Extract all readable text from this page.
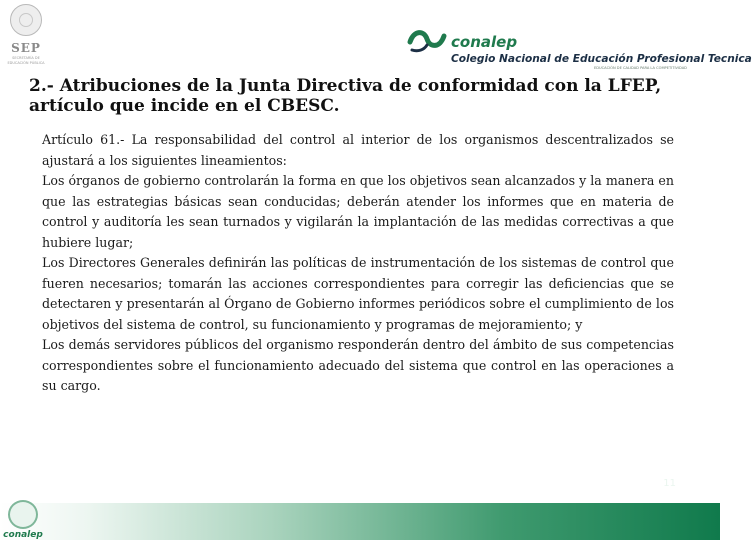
SEP
SECRETARÍA DE EDUCACIÓN PÚBLICA
conalep
Colegio Nacional de Educación Profesional Tecnica
EDUCACIÓN DE CALIDAD PARA LA COMPETITIVIDAD
2.- Atribuciones de la Junta Directiva de conformidad con la LFEP,
artículo que incide en el CBESC.

Artículo 61.- La responsabilidad del control al interior de los organismos descentralizados se ajustará a los siguientes lineamientos:

Los órganos de gobierno controlarán la forma en que los objetivos sean alcanzados y la manera en que las estrategias básicas sean conducidas; deberán atender los informes que en materia de control y auditoría les sean turnados y vigilarán la implantación de las medidas correctivas a que hubiere lugar;

Los Directores Generales definirán las políticas de instrumentación de los sistemas de control que fueren necesarios; tomarán las acciones correspondientes para corregir las deficiencias que se detectaren y presentarán al Órgano de Gobierno informes periódicos sobre el cumplimiento de los objetivos del sistema de control, su funcionamiento y programas de mejoramiento; y

Los demás servidores públicos del organismo responderán dentro del ámbito de sus competencias correspondientes sobre el funcionamiento adecuado del sistema que control en las operaciones a su cargo.

11
conalep
